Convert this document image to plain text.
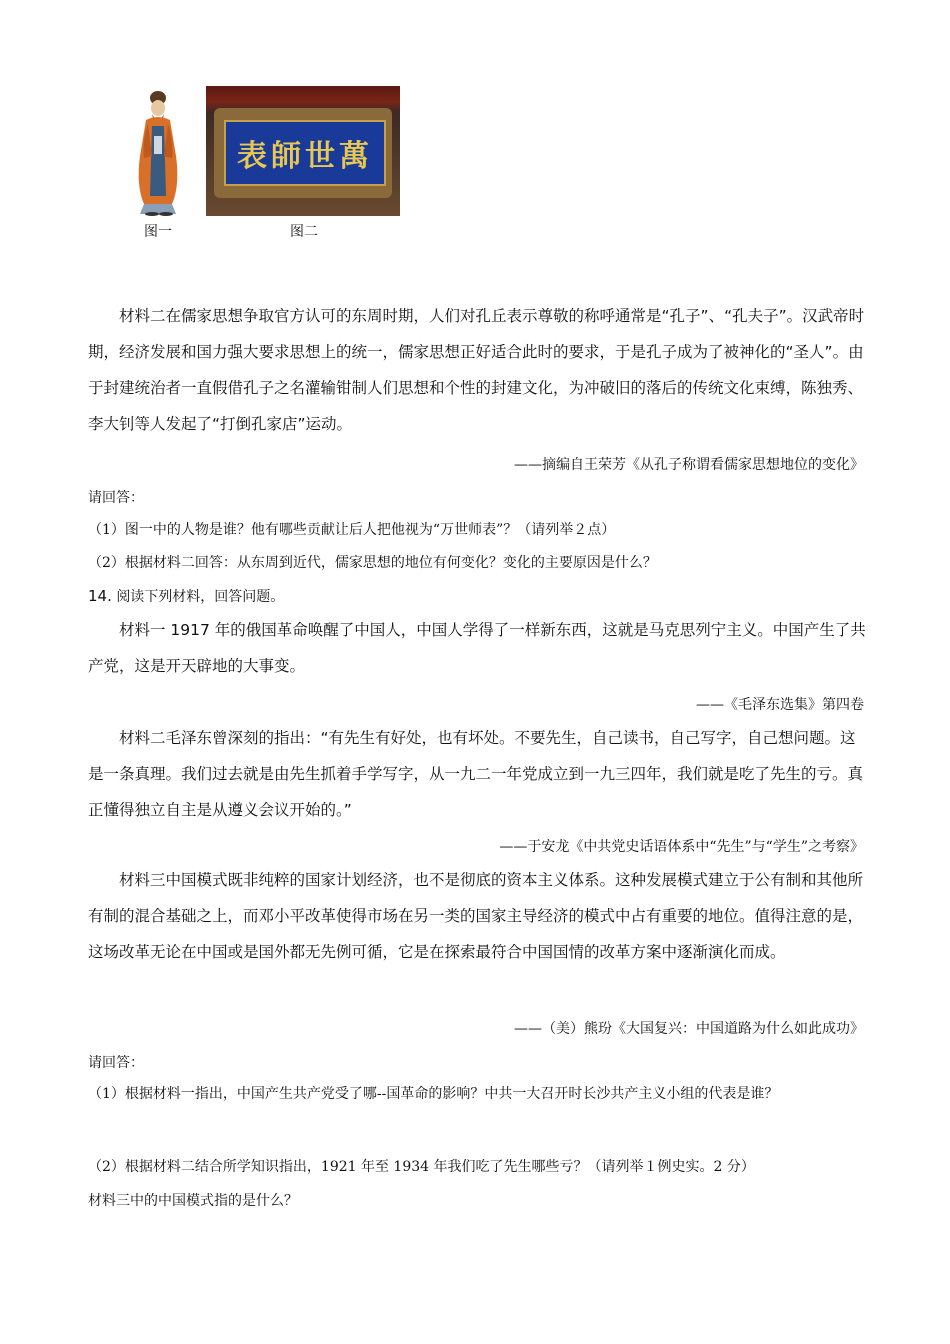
萬世師表
图一	图二

材料二在儒家思想争取官方认可的东周时期，人们对孔丘表示尊敬的称呼通常是“孔子”、“孔夫子”。汉武帝时期，经济发展和国力强大要求思想上的统一，儒家思想正好适合此时的要求，于是孔子成为了被神化的“圣人”。由于封建统治者一直假借孔子之名灌输钳制人们思想和个性的封建文化，为冲破旧的落后的传统文化束缚，陈独秀、李大钊等人发起了“打倒孔家店”运动。

——摘编自王荣芳《从孔子称谓看儒家思想地位的变化》
请回答：
（1）图一中的人物是谁？他有哪些贡献让后人把他视为“万世师表”？（请列举２点）
（2）根据材料二回答：从东周到近代，儒家思想的地位有何变化？变化的主要原因是什么？
14. 阅读下列材料，回答问题。

材料一 1917 年的俄国革命唤醒了中国人，中国人学得了一样新东西，这就是马克思列宁主义。中国产生了共产党，这是开天辟地的大事变。

——《毛泽东选集》第四卷

材料二毛泽东曾深刻的指出：“有先生有好处，也有坏处。不要先生，自己读书，自己写字，自己想问题。这是一条真理。我们过去就是由先生抓着手学写字，从一九二一年党成立到一九三四年，我们就是吃了先生的亏。真正懂得独立自主是从遵义会议开始的。”

——于安龙《中共党史话语体系中“先生”与“学生”之考察》

材料三中国模式既非纯粹的国家计划经济，也不是彻底的资本主义体系。这种发展模式建立于公有制和其他所有制的混合基础之上，而邓小平改革使得市场在另一类的国家主导经济的模式中占有重要的地位。值得注意的是，这场改革无论在中国或是国外都无先例可循，它是在探索最符合中国国情的改革方案中逐渐演化而成。

——（美）熊玢《大国复兴：中国道路为什么如此成功》
请回答：

（1）根据材料一指出，中国产生共产党受了哪--国革命的影响？中共一大召开时长沙共产主义小组的代表是谁？

（2）根据材料二结合所学知识指出，1921 年至 1934 年我们吃了先生哪些亏？（请列举１例史实。2 分）
材料三中的中国模式指的是什么？
